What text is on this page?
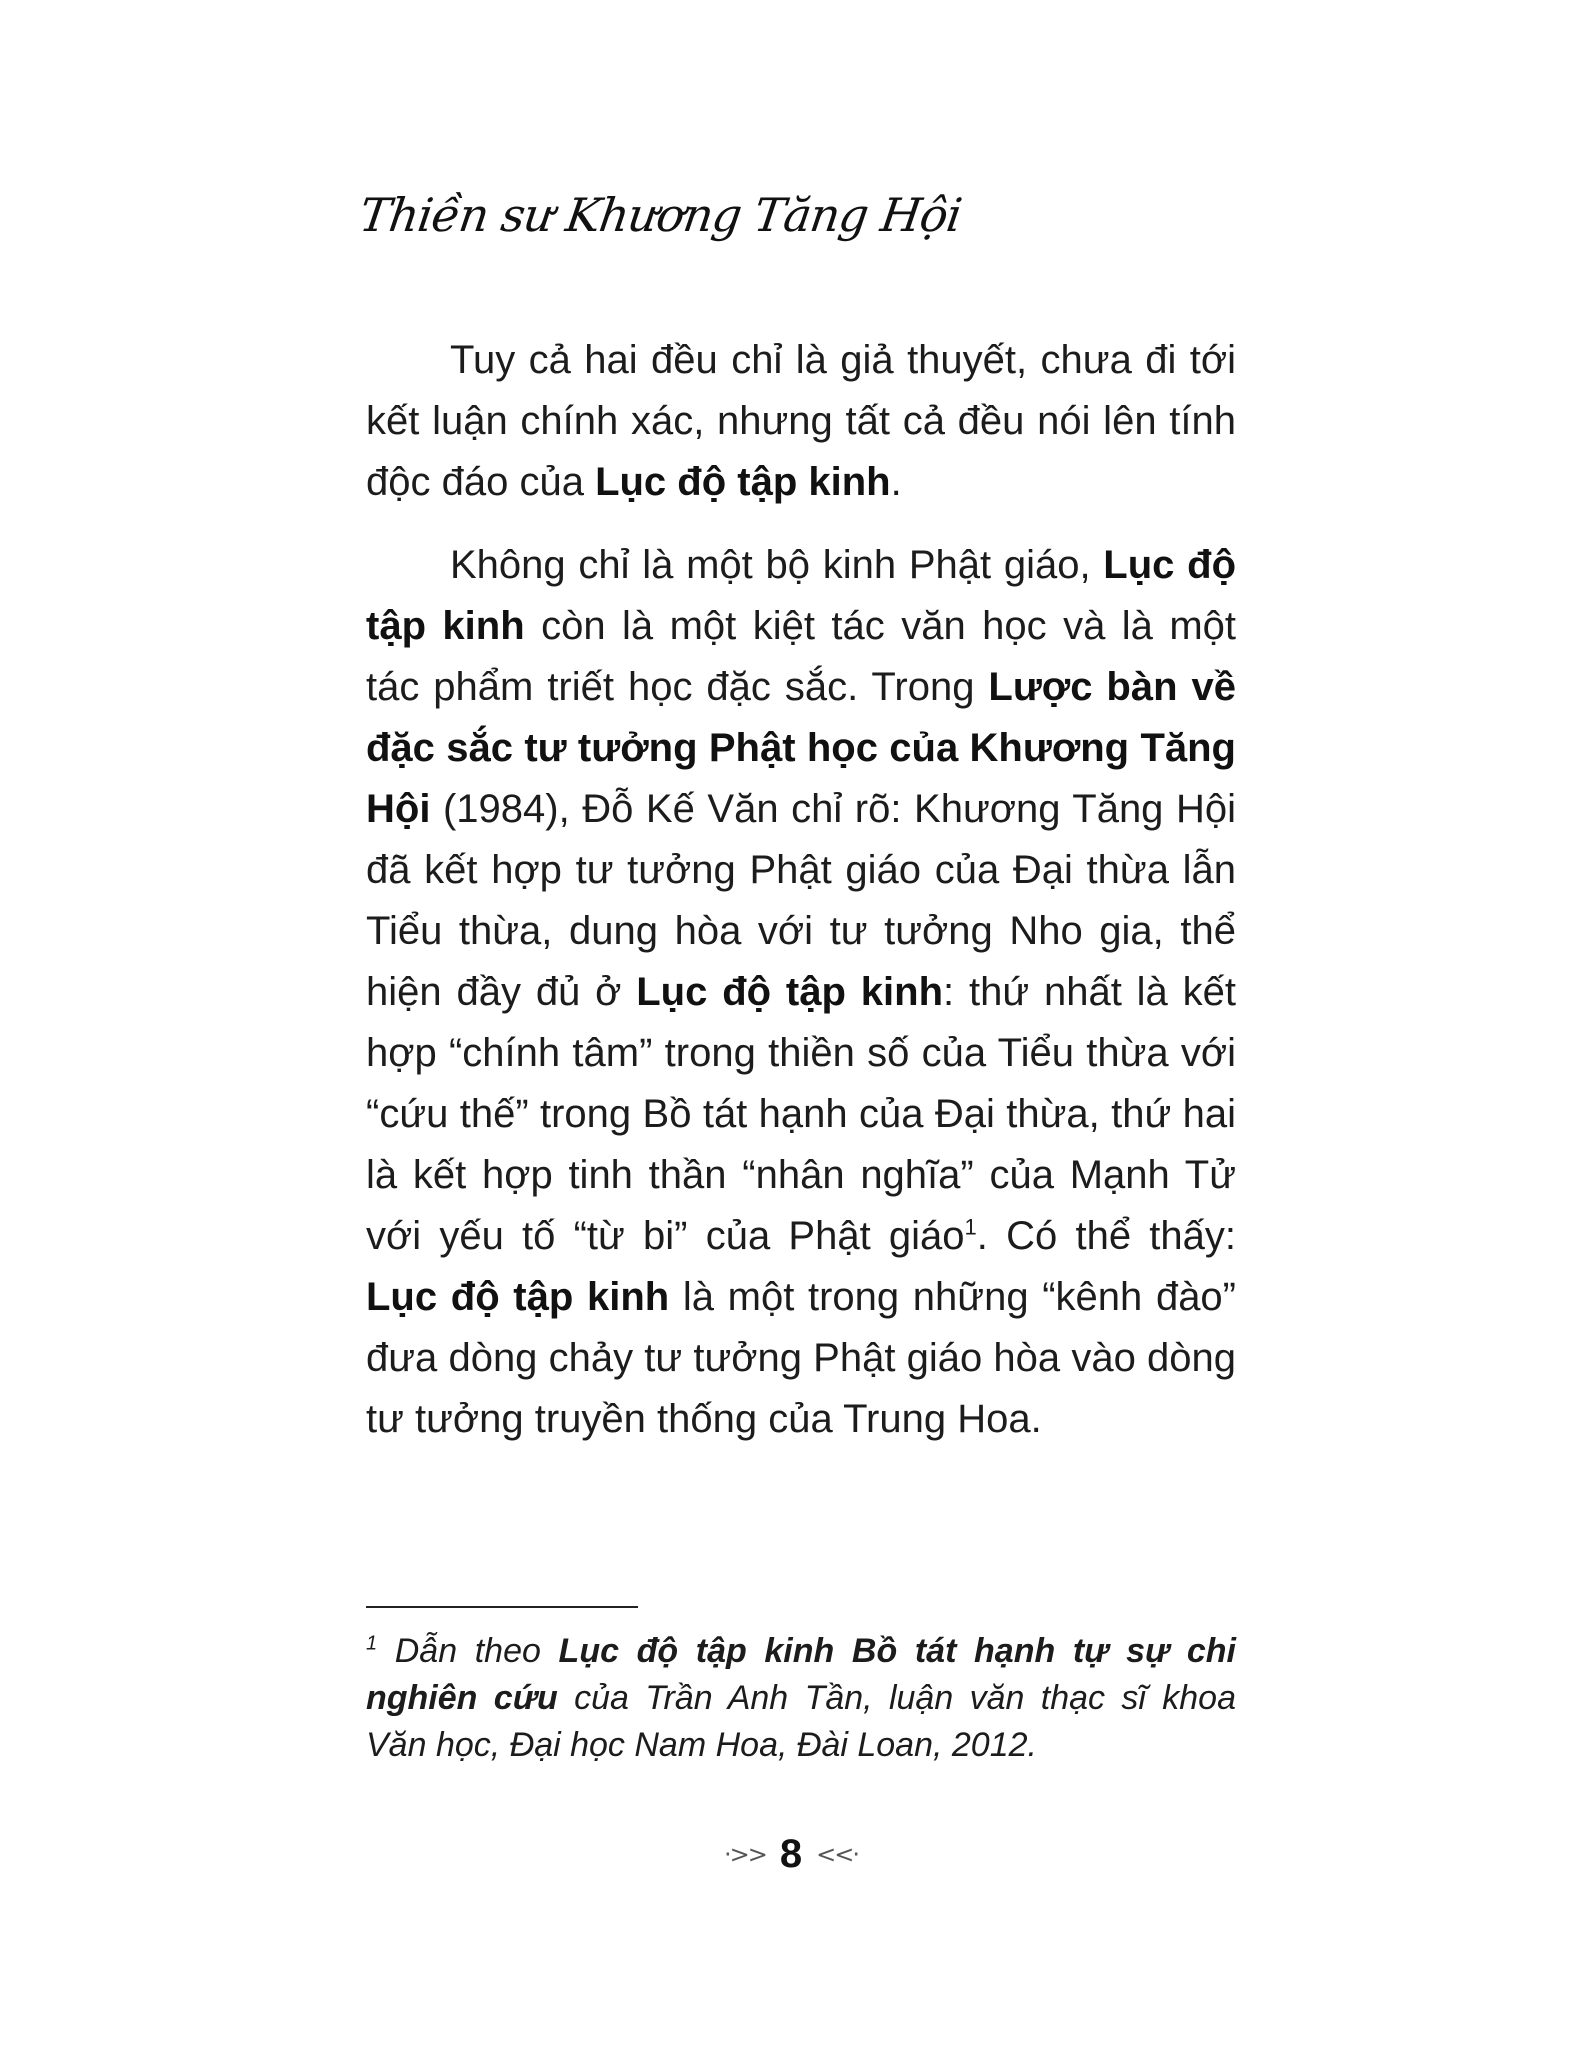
Thiền sư Khương Tăng Hội

Tuy cả hai đều chỉ là giả thuyết, chưa đi tới kết luận chính xác, nhưng tất cả đều nói lên tính độc đáo của Lục độ tập kinh.

Không chỉ là một bộ kinh Phật giáo, Lục độ tập kinh còn là một kiệt tác văn học và là một tác phẩm triết học đặc sắc. Trong Lược bàn về đặc sắc tư tưởng Phật học của Khương Tăng Hội (1984), Đỗ Kế Văn chỉ rõ: Khương Tăng Hội đã kết hợp tư tưởng Phật giáo của Đại thừa lẫn Tiểu thừa, dung hòa với tư tưởng Nho gia, thể hiện đầy đủ ở Lục độ tập kinh: thứ nhất là kết hợp “chính tâm” trong thiền số của Tiểu thừa với “cứu thế” trong Bồ tát hạnh của Đại thừa, thứ hai là kết hợp tinh thần “nhân nghĩa” của Mạnh Tử với yếu tố “từ bi” của Phật giáo$^1$. Có thể thấy: Lục độ tập kinh là một trong những “kênh đào” đưa dòng chảy tư tưởng Phật giáo hòa vào dòng tư tưởng truyền thống của Trung Hoa.

$^1$ Dẫn theo Lục độ tập kinh Bồ tát hạnh tự sự chi nghiên cứu của Trần Anh Tần, luận văn thạc sĩ khoa Văn học, Đại học Nam Hoa, Đài Loan, 2012.
·>> 8 <<·
